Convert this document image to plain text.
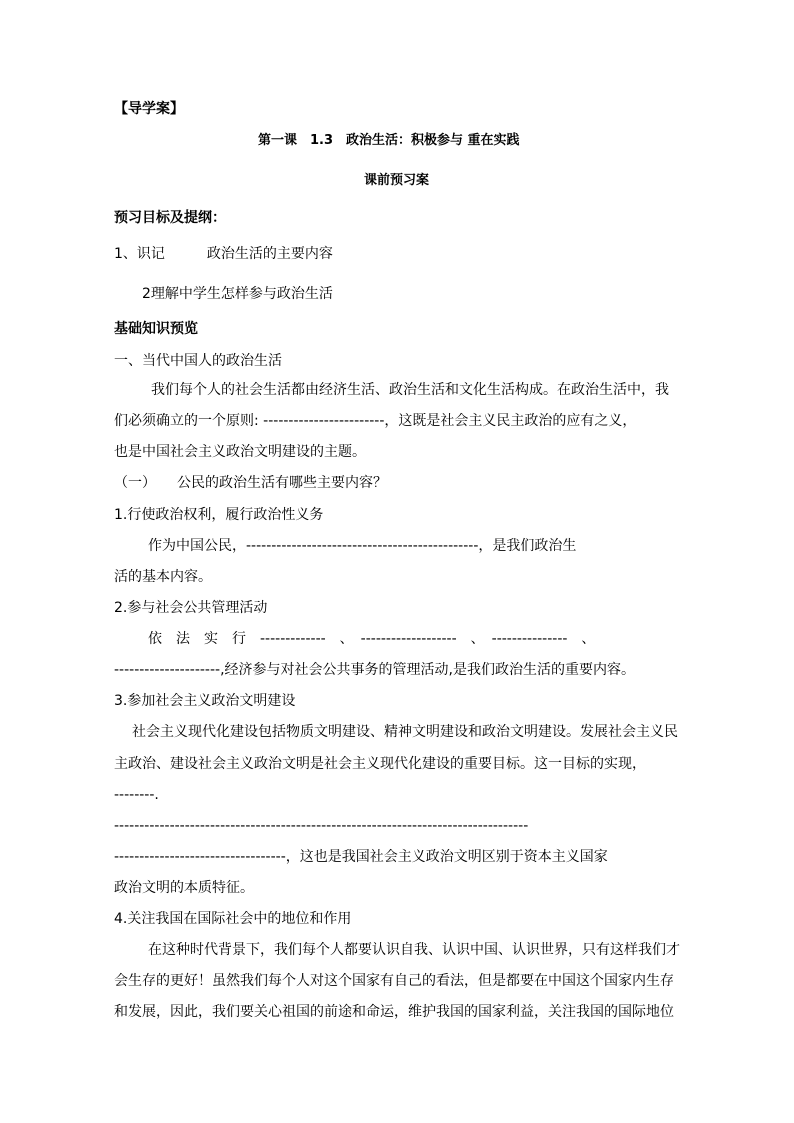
【导学案】
第一课　1.3　政治生活：积极参与 重在实践
课前预习案
预习目标及提纲：
1、识记　　　政治生活的主要内容
2理解中学生怎样参与政治生活
基础知识预览
一、当代中国人的政治生活
我们每个人的社会生活都由经济生活、政治生活和文化生活构成。在政治生活中，我
们必须确立的一个原则: ------------------------，这既是社会主义民主政治的应有之义，
也是中国社会主义政治文明建设的主题。
（一）　　公民的政治生活有哪些主要内容？
1.行使政治权利，履行政治性义务
作为中国公民，----------------------------------------------，是我们政治生
活的基本内容。
2.参与社会公共管理活动
依　法　实　行　-------------　、　-------------------　、　---------------　、
---------------------,经济参与对社会公共事务的管理活动,是我们政治生活的重要内容。
3.参加社会主义政治文明建设
社会主义现代化建设包括物质文明建设、精神文明建设和政治文明建设。发展社会主义民
主政治、建设社会主义政治文明是社会主义现代化建设的重要目标。这一目标的实现，
--------.
----------------------------------------------------------------------------------
----------------------------------，这也是我国社会主义政治文明区别于资本主义国家
政治文明的本质特征。
4.关注我国在国际社会中的地位和作用
在这种时代背景下，我们每个人都要认识自我、认识中国、认识世界，只有这样我们才
会生存的更好！虽然我们每个人对这个国家有自己的看法，但是都要在中国这个国家内生存
和发展，因此，我们要关心祖国的前途和命运，维护我国的国家利益，关注我国的国际地位
